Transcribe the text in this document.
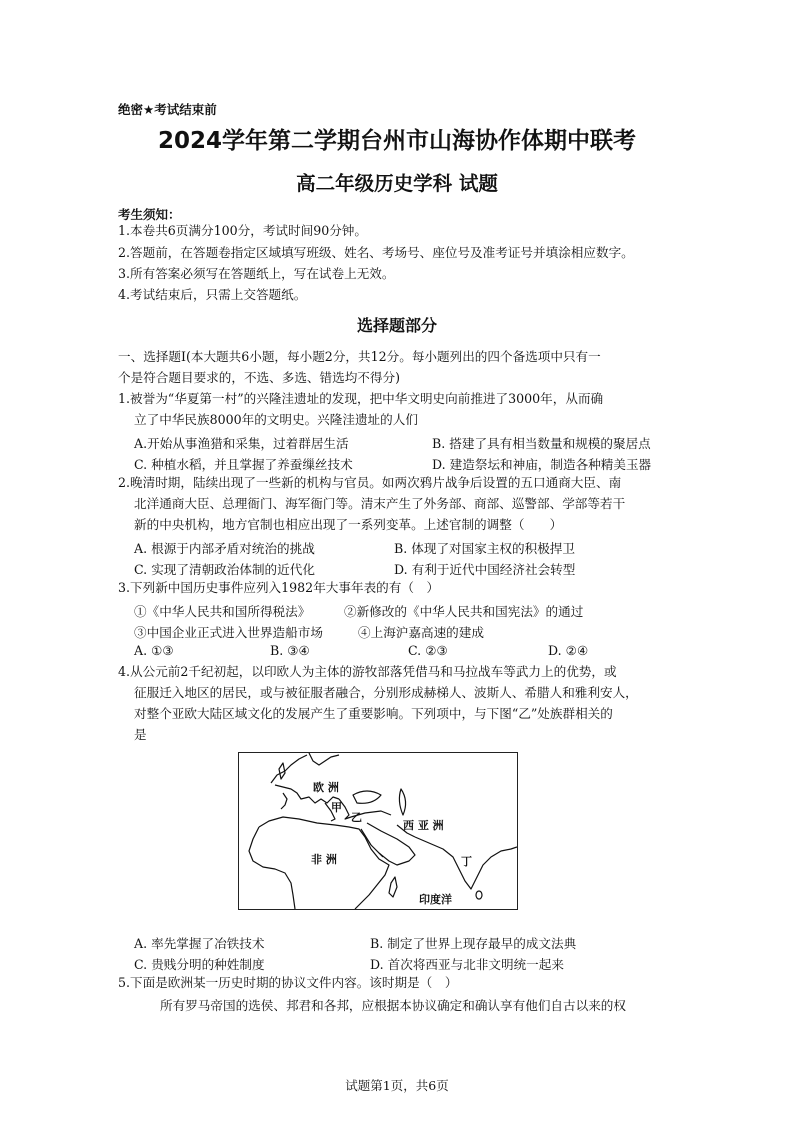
绝密★考试结束前
2024学年第二学期台州市山海协作体期中联考
高二年级历史学科 试题
考生须知：
1.本卷共6页满分100分，考试时间90分钟。
2.答题前，在答题卷指定区域填写班级、姓名、考场号、座位号及准考证号并填涂相应数字。
3.所有答案必须写在答题纸上，写在试卷上无效。
4.考试结束后，只需上交答题纸。
选择题部分
一、选择题Ⅰ(本大题共6小题，每小题2分，共12分。每小题列出的四个备选项中只有一
个是符合题目要求的，不选、多选、错选均不得分)
1.被誉为“华夏第一村”的兴隆洼遗址的发现，把中华文明史向前推进了3000年，从而确
立了中华民族8000年的文明史。兴隆洼遗址的人们
A.开始从事渔猎和采集，过着群居生活	B. 搭建了具有相当数量和规模的聚居点
C. 种植水稻，并且掌握了养蚕缫丝技术	D. 建造祭坛和神庙，制造各种精美玉器
2.晚清时期，陆续出现了一些新的机构与官员。如两次鸦片战争后设置的五口通商大臣、南
北洋通商大臣、总理衙门、海军衙门等。清末产生了外务部、商部、巡警部、学部等若干
新的中央机构，地方官制也相应出现了一系列变革。上述官制的调整（　　）
A. 根源于内部矛盾对统治的挑战	B. 体现了对国家主权的积极捍卫
C. 实现了清朝政治体制的近代化	D. 有利于近代中国经济社会转型
3.下列新中国历史事件应列入1982年大事年表的有（　）
①《中华人民共和国所得税法》	②新修改的《中华人民共和国宪法》的通过
③中国企业正式进入世界造船市场	④上海沪嘉高速的建成
A. ①③	B. ③④	C. ②③	D. ②④
4.从公元前2千纪初起，以印欧人为主体的游牧部落凭借马和马拉战车等武力上的优势，或
征服迁入地区的居民，或与被征服者融合，分别形成赫梯人、波斯人、希腊人和雅利安人，
对整个亚欧大陆区域文化的发展产生了重要影响。下列项中，与下图“乙”处族群相关的
是
欧 洲
甲
乙
西 亚 洲
非 洲	丁
印度洋
A. 率先掌握了冶铁技术	B. 制定了世界上现存最早的成文法典
C. 贵贱分明的种姓制度	D. 首次将西亚与北非文明统一起来
5.下面是欧洲某一历史时期的协议文件内容。该时期是（　）
所有罗马帝国的选侯、邦君和各邦，应根据本协议确定和确认享有他们自古以来的权
试题第1页，共6页
